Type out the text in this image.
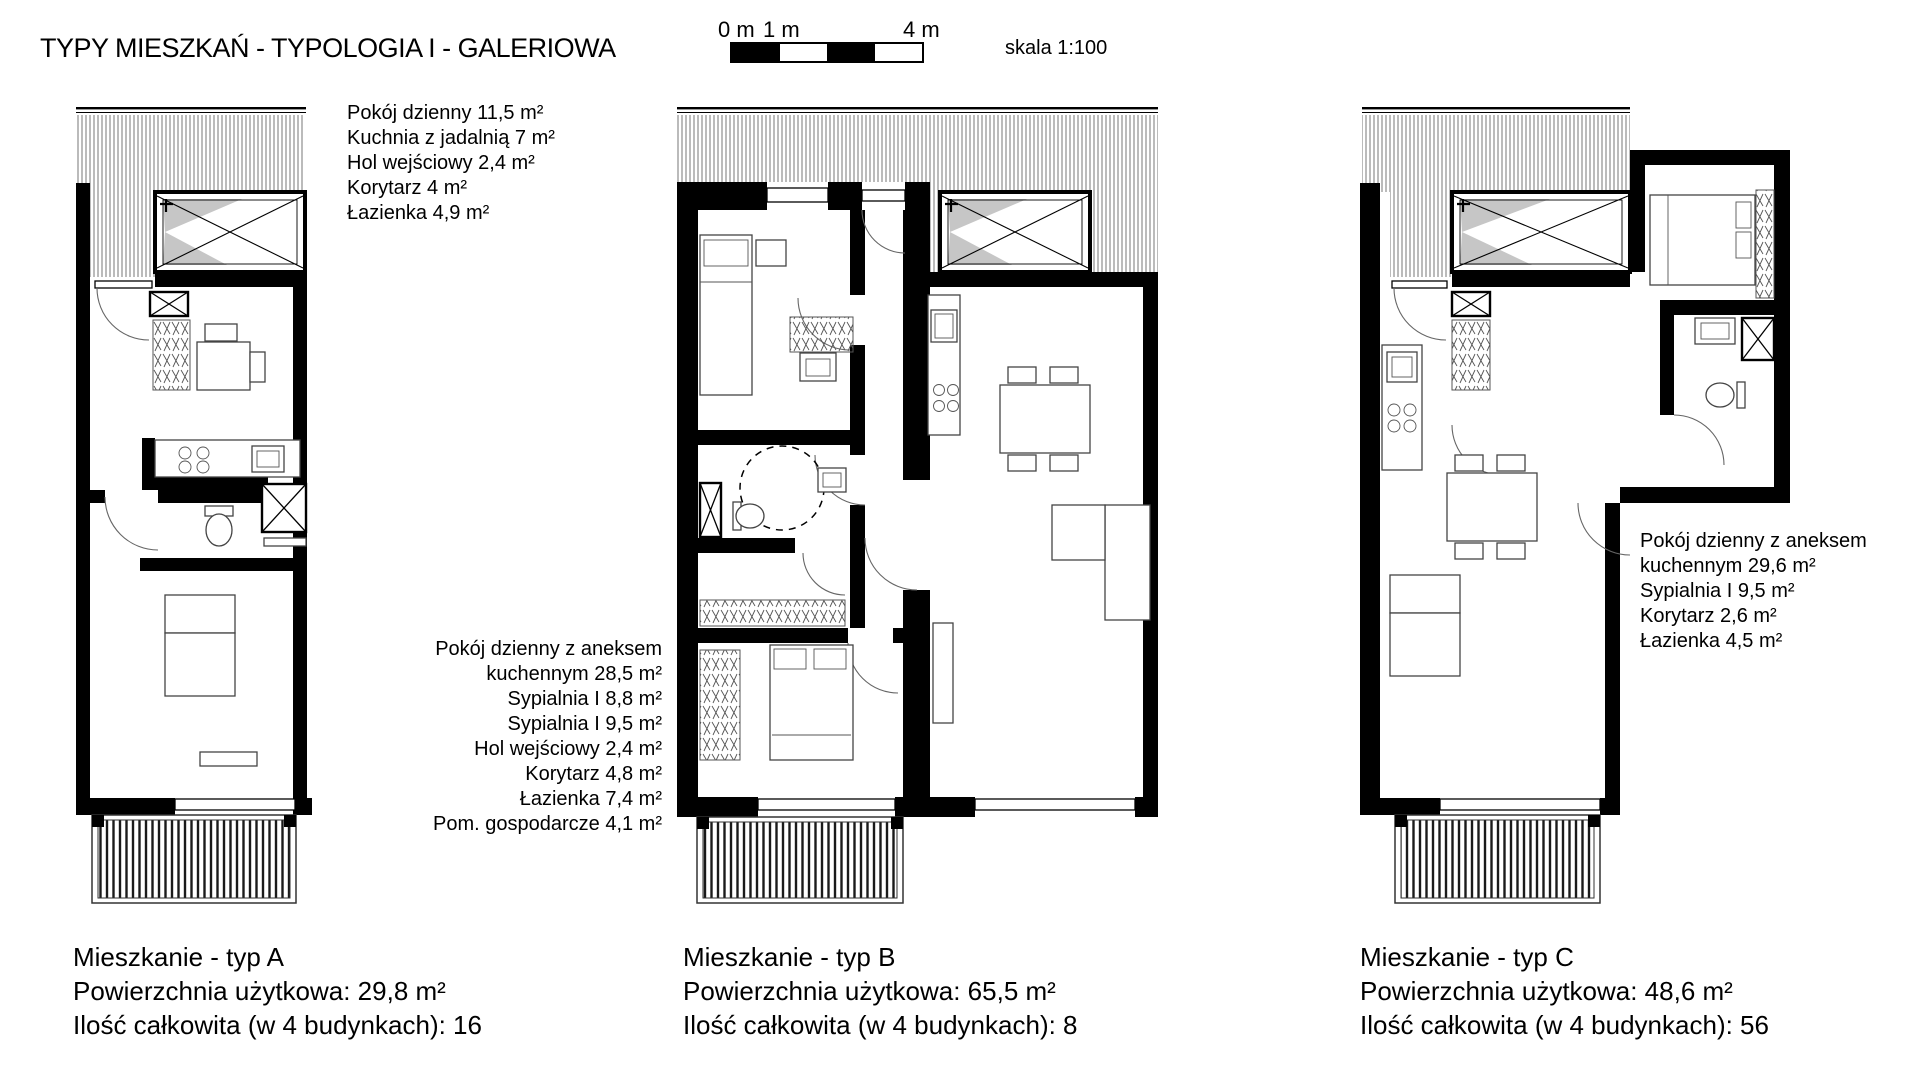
TYPY MIESZKAŃ - TYPOLOGIA I - GALERIOWA
0 m 1 m	4 m
skala 1:100
Pokój dzienny 11,5 m²
Kuchnia z jadalnią 7 m²
Hol wejściowy 2,4 m²
Korytarz 4 m²
Łazienka 4,9 m²
Pokój dzienny z aneksem
kuchennym 28,5 m²
Sypialnia I 8,8 m²
Sypialnia I 9,5 m²
Hol wejściowy 2,4 m²
Korytarz 4,8 m²
Łazienka 7,4 m²
Pom. gospodarcze 4,1 m²
Pokój dzienny z aneksem
kuchennym 29,6 m²
Sypialnia I 9,5 m²
Korytarz 2,6 m²
Łazienka 4,5 m²
Mieszkanie - typ A
Powierzchnia użytkowa: 29,8 m²
Ilość całkowita (w 4 budynkach): 16
Mieszkanie - typ B
Powierzchnia użytkowa: 65,5 m²
Ilość całkowita (w 4 budynkach): 8
Mieszkanie - typ C
Powierzchnia użytkowa: 48,6 m²
Ilość całkowita (w 4 budynkach): 56
